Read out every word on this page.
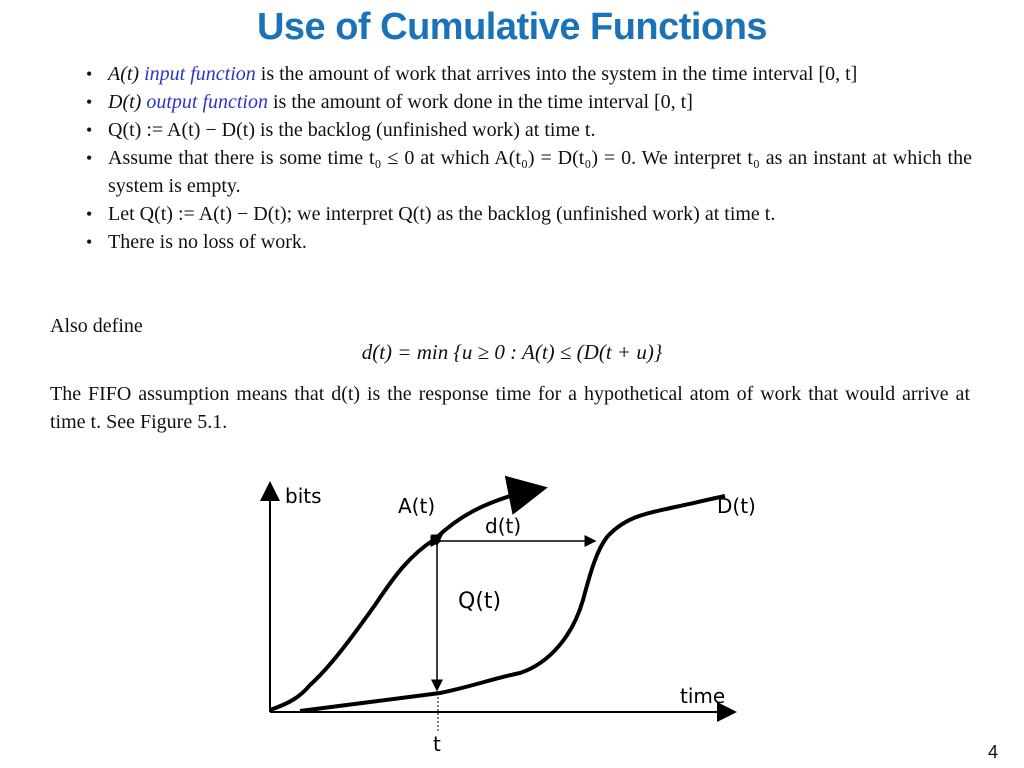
Use of Cumulative Functions
• A(t) input function is the amount of work that arrives into the system in the time interval [0, t]
• D(t) output function is the amount of work done in the time interval [0, t]
• Q(t) := A(t) − D(t) is the backlog (unfinished work) at time t.
• Assume that there is some time t₀ ≤ 0 at which A(t₀) = D(t₀) = 0. We interpret t₀ as an instant at which the system is empty.
• Let Q(t) := A(t) − D(t); we interpret Q(t) as the backlog (unfinished work) at time t.
• There is no loss of work.
Also define
d(t) = min {u ≥ 0 : A(t) ≤ (D(t + u)}
The FIFO assumption means that d(t) is the response time for a hypothetical atom of work that would arrive at time t. See Figure 5.1.
bits
time
A(t)	D(t)
d(t)
Q(t)
t	4
